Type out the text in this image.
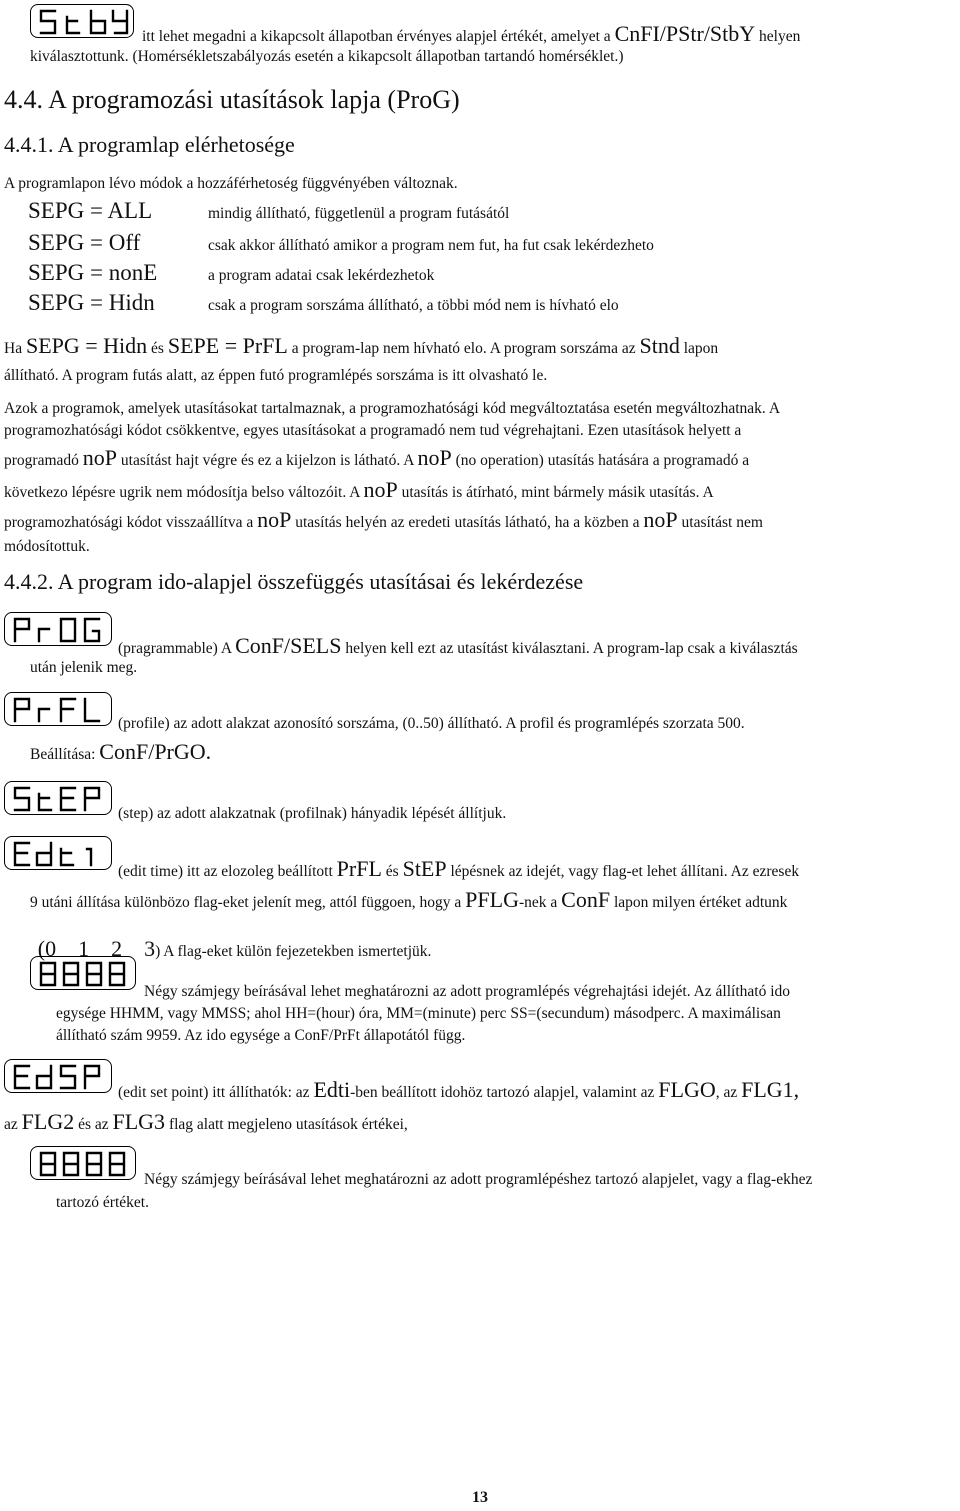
itt lehet megadni a kikapcsolt állapotban érvényes alapjel értékét, amelyet a CnFI/PStr/StbY helyen

kiválasztottunk. (Homérsékletszabályozás esetén a kikapcsolt állapotban tartandó homérséklet.)

4.4. A programozási utasítások lapja (ProG)
4.4.1. A programlap elérhetosége

A programlapon lévo módok a hozzáférhetoség függvényében változnak.

SEPG = ALL	mindig állítható, függetlenül a program futásától
SEPG = Off	csak akkor állítható amikor a program nem fut, ha fut csak lekérdezheto
SEPG = nonE	a program adatai csak lekérdezhetok
SEPG = Hidn	csak a program sorszáma állítható, a többi mód nem is hívható elo

Ha SEPG = Hidn és SEPE = PrFL a program-lap nem hívható elo. A program sorszáma az Stnd lapon

állítható. A program futás alatt, az éppen futó programlépés sorszáma is itt olvasható le.

Azok a programok, amelyek utasításokat tartalmaznak, a programozhatósági kód megváltoztatása esetén megváltozhatnak. A

programozhatósági kódot csökkentve, egyes utasításokat a programadó nem tud végrehajtani. Ezen utasítások helyett a

programadó noP utasítást hajt végre és ez a kijelzon is látható. A noP (no operation) utasítás hatására a programadó a

következo lépésre ugrik nem módosítja belso változóit. A noP utasítás is átírható, mint bármely másik utasítás. A

programozhatósági kódot visszaállítva a noP utasítás helyén az eredeti utasítás látható, ha a közben a noP utasítást nem

módosítottuk.

4.4.2. A program ido-alapjel összefüggés utasításai és lekérdezése

(pragrammable) A ConF/SELS helyen kell ezt az utasítást kiválasztani. A program-lap csak a kiválasztás

után jelenik meg.

(profile) az adott alakzat azonosító sorszáma, (0..50) állítható. A profil és programlépés szorzata 500.

Beállítása: ConF/PrGO.

(step) az adott alakzatnak (profilnak) hányadik lépését állítjuk.

(edit time) itt az elozoleg beállított PrFL és StEP lépésnek az idejét, vagy flag-et lehet állítani. Az ezresek

9 utáni állítása különbözo flag-eket jelenít meg, attól függoen, hogy a PFLG-nek a ConF lapon milyen értéket adtunk

(0    1    2    3) A flag-eket külön fejezetekben ismertetjük.

Négy számjegy beírásával lehet meghatározni az adott programlépés végrehajtási idejét. Az állítható ido

egysége HHMM, vagy MMSS; ahol HH=(hour) óra, MM=(minute) perc SS=(secundum) másodperc. A maximálisan

állítható szám 9959. Az ido egysége a ConF/PrFt állapotától függ.

(edit set point) itt állíthatók: az Edti-ben beállított idohöz tartozó alapjel, valamint az FLGO, az FLG1,

az FLG2 és az FLG3 flag alatt megjeleno utasítások értékei,

Négy számjegy beírásával lehet meghatározni az adott programlépéshez tartozó alapjelet, vagy a flag-ekhez

tartozó értéket.

13
